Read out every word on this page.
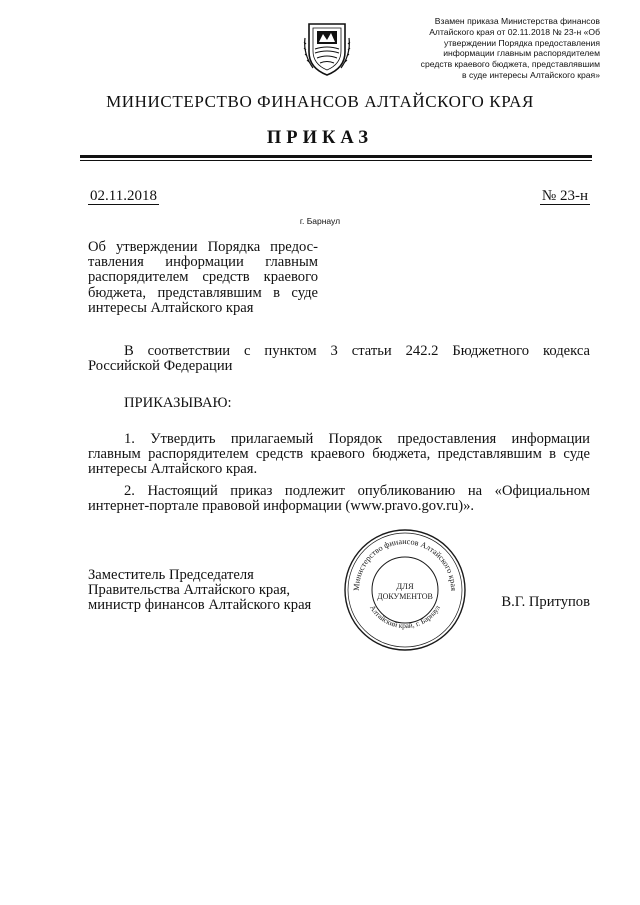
Взамен приказа Министерства финансов
Алтайского края от 02.11.2018 № 23-н «Об
утверждении Порядка предоставления
информации главным распорядителем
средств краевого бюджета, представлявшим
в суде интересы Алтайского края»
МИНИСТЕРСТВО ФИНАНСОВ АЛТАЙСКОГО КРАЯ
ПРИКАЗ
02.11.2018	№ 23-н
г. Барнаул
Об утверждении Порядка предос-
тавления информации главным
распорядителем средств краевого
бюджета, представлявшим в суде
интересы Алтайского края
В соответствии с пунктом 3 статьи 242.2 Бюджетного кодекса
Российской Федерации
ПРИКАЗЫВАЮ:
1. Утвердить прилагаемый Порядок предоставления информации
главным распорядителем средств краевого бюджета, представлявшим в суде
интересы Алтайского края.
2. Настоящий приказ подлежит опубликованию на «Официальном
интернет-портале правовой информации (www.pravo.gov.ru)».
Заместитель Председателя
Правительства Алтайского края,
министр финансов Алтайского края	В.Г. Притупов
Министерство финансов Алтайского края
Алтайский край, г. Барнаул
ДЛЯ
ДОКУМЕНТОВ
